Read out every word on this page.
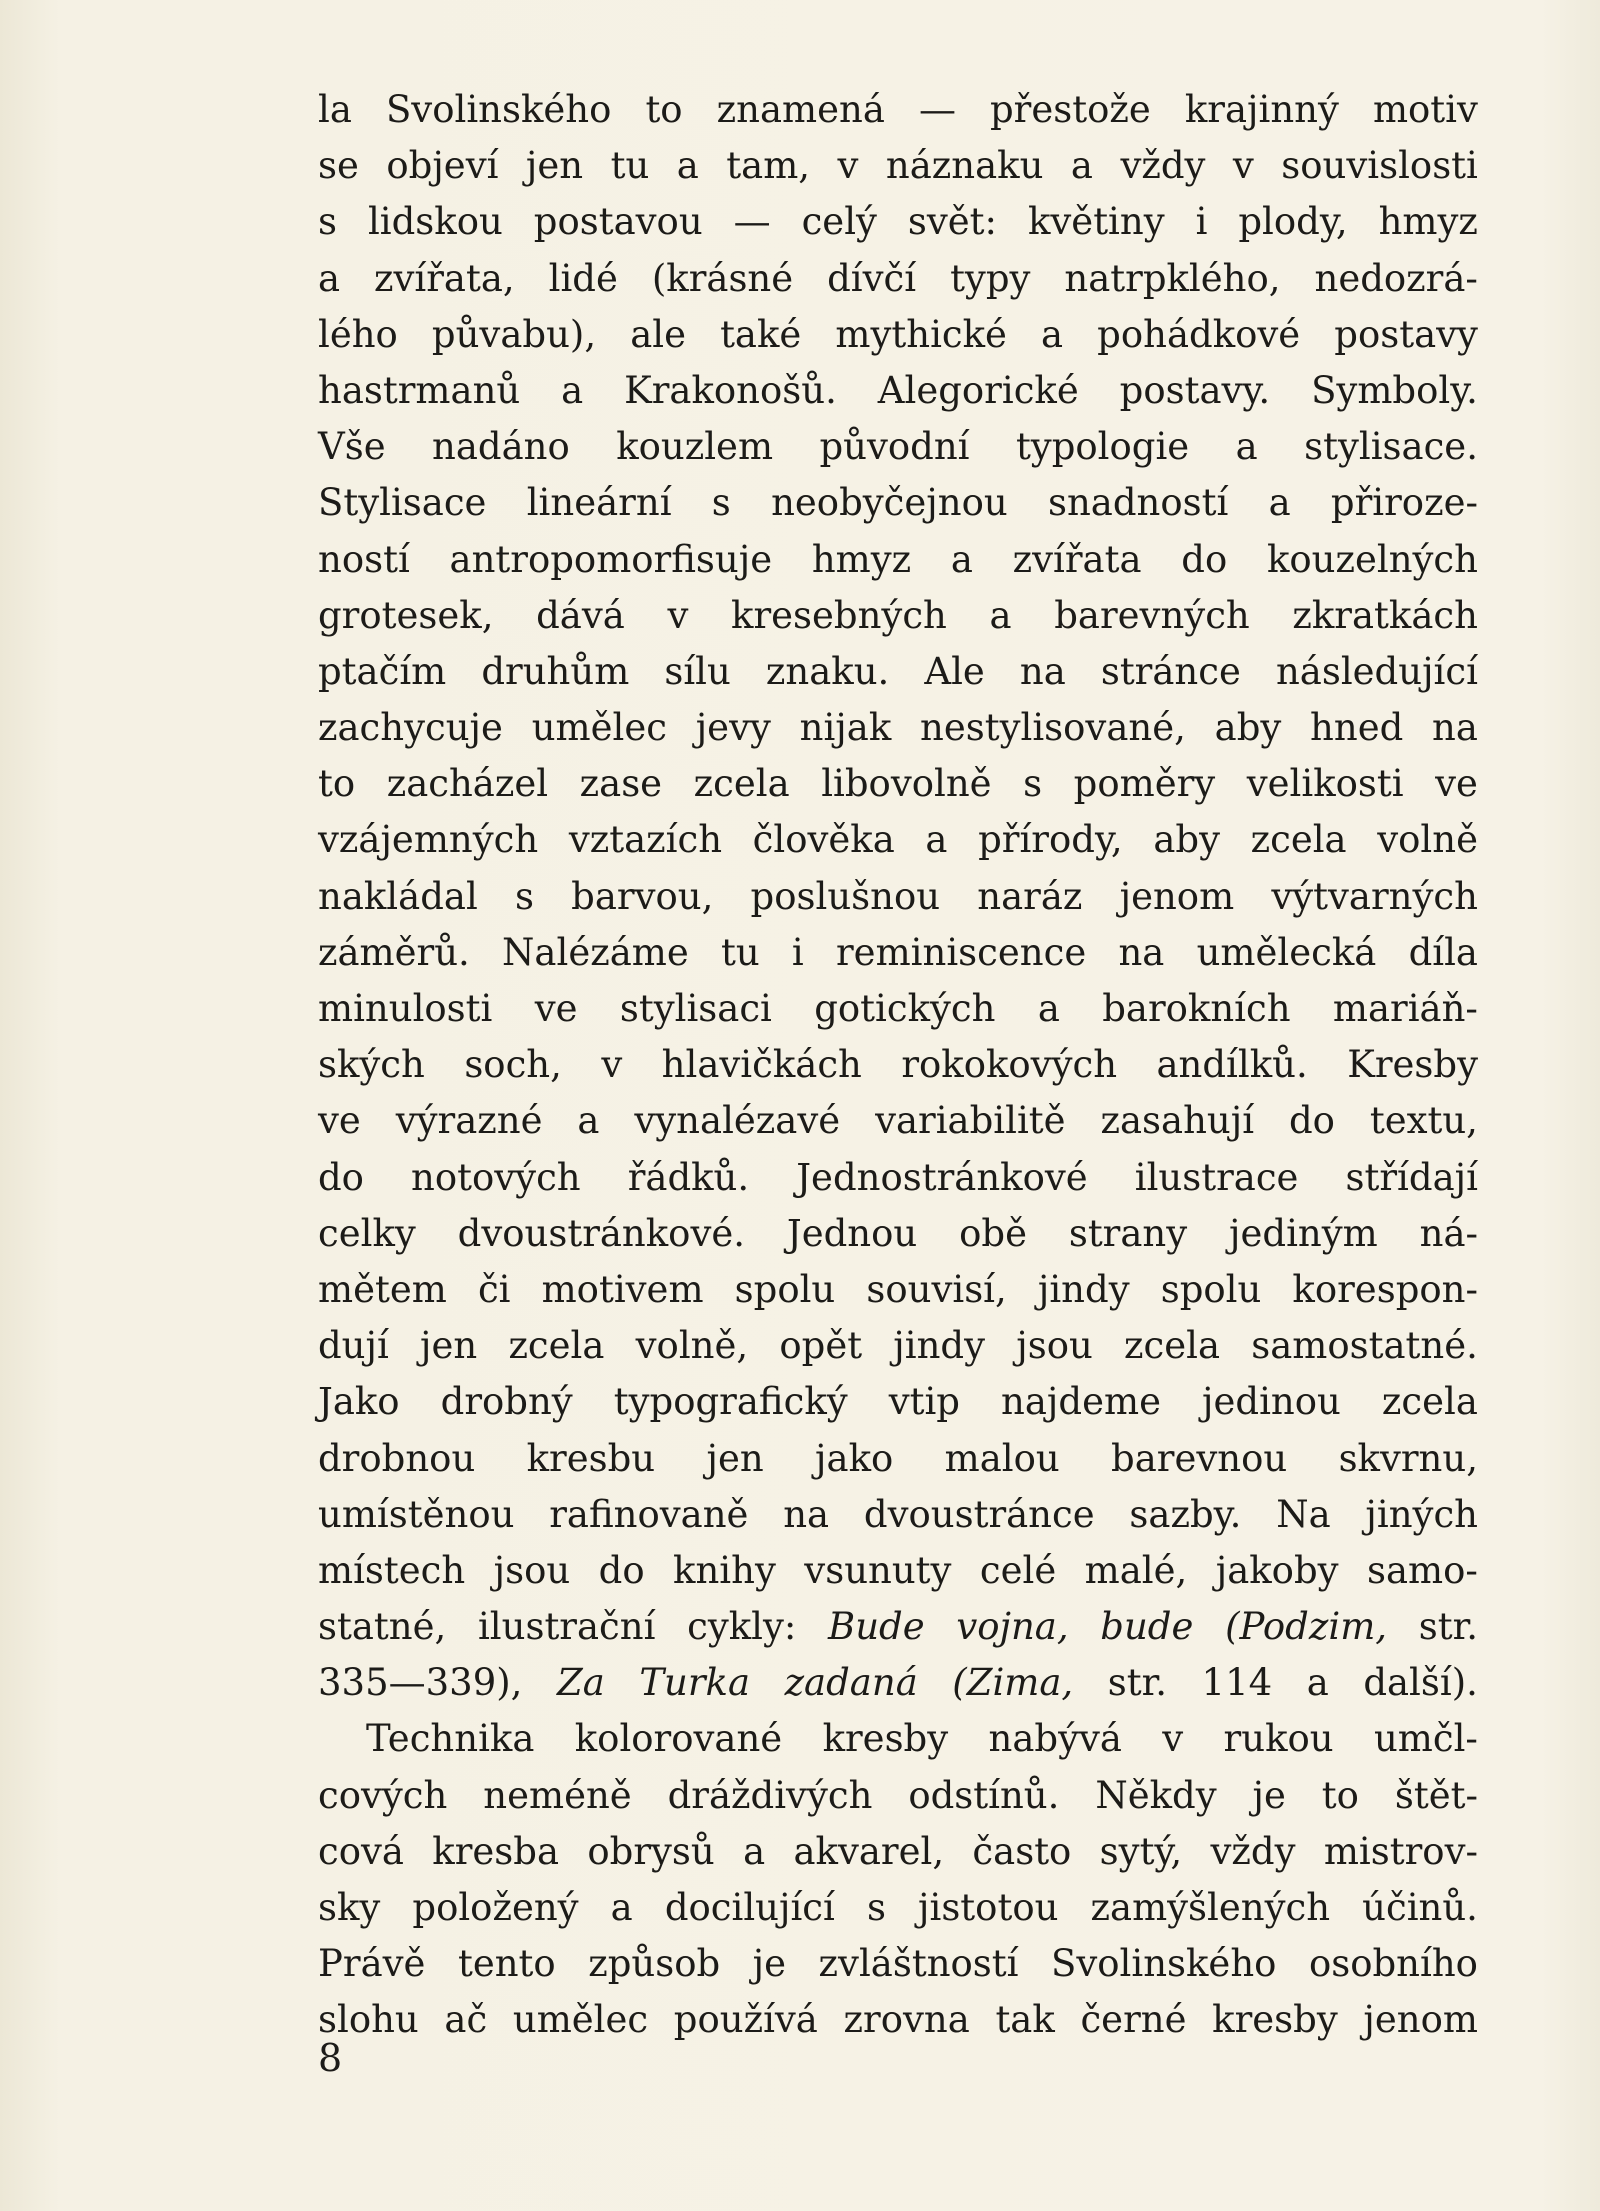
la Svolinského to znamená — přestože krajinný motiv
se objeví jen tu a tam, v náznaku a vždy v souvislosti
s lidskou postavou — celý svět: květiny i plody, hmyz
a zvířata, lidé (krásné dívčí typy natrpklého, nedozrá-
lého půvabu), ale také mythické a pohádkové postavy
hastrmanů a Krakonošů. Alegorické postavy. Symboly.
Vše nadáno kouzlem původní typologie a stylisace.
Stylisace lineární s neobyčejnou snadností a přiroze-
ností antropomorfisuje hmyz a zvířata do kouzelných
grotesek, dává v kresebných a barevných zkratkách
ptačím druhům sílu znaku. Ale na stránce následující
zachycuje umělec jevy nijak nestylisované, aby hned na
to zacházel zase zcela libovolně s poměry velikosti ve
vzájemných vztazích člověka a přírody, aby zcela volně
nakládal s barvou, poslušnou naráz jenom výtvarných
záměrů. Nalézáme tu i reminiscence na umělecká díla
minulosti ve stylisaci gotických a barokních mariáň-
ských soch, v hlavičkách rokokových andílků. Kresby
ve výrazné a vynalézavé variabilitě zasahují do textu,
do notových řádků. Jednostránkové ilustrace střídají
celky dvoustránkové. Jednou obě strany jediným ná-
mětem či motivem spolu souvisí, jindy spolu korespon-
dují jen zcela volně, opět jindy jsou zcela samostatné.
Jako drobný typografický vtip najdeme jedinou zcela
drobnou kresbu jen jako malou barevnou skvrnu,
umístěnou rafinovaně na dvoustránce sazby. Na jiných
místech jsou do knihy vsunuty celé malé, jakoby samo-
statné, ilustrační cykly: Bude vojna, bude (Podzim, str.
335—339), Za Turka zadaná (Zima, str. 114 a další).
Technika kolorované kresby nabývá v rukou umčl-
cových neméně dráždivých odstínů. Někdy je to štět-
cová kresba obrysů a akvarel, často sytý, vždy mistrov-
sky položený a docilující s jistotou zamýšlených účinů.
Právě tento způsob je zvláštností Svolinského osobního
slohu ač umělec používá zrovna tak černé kresby jenom
8
